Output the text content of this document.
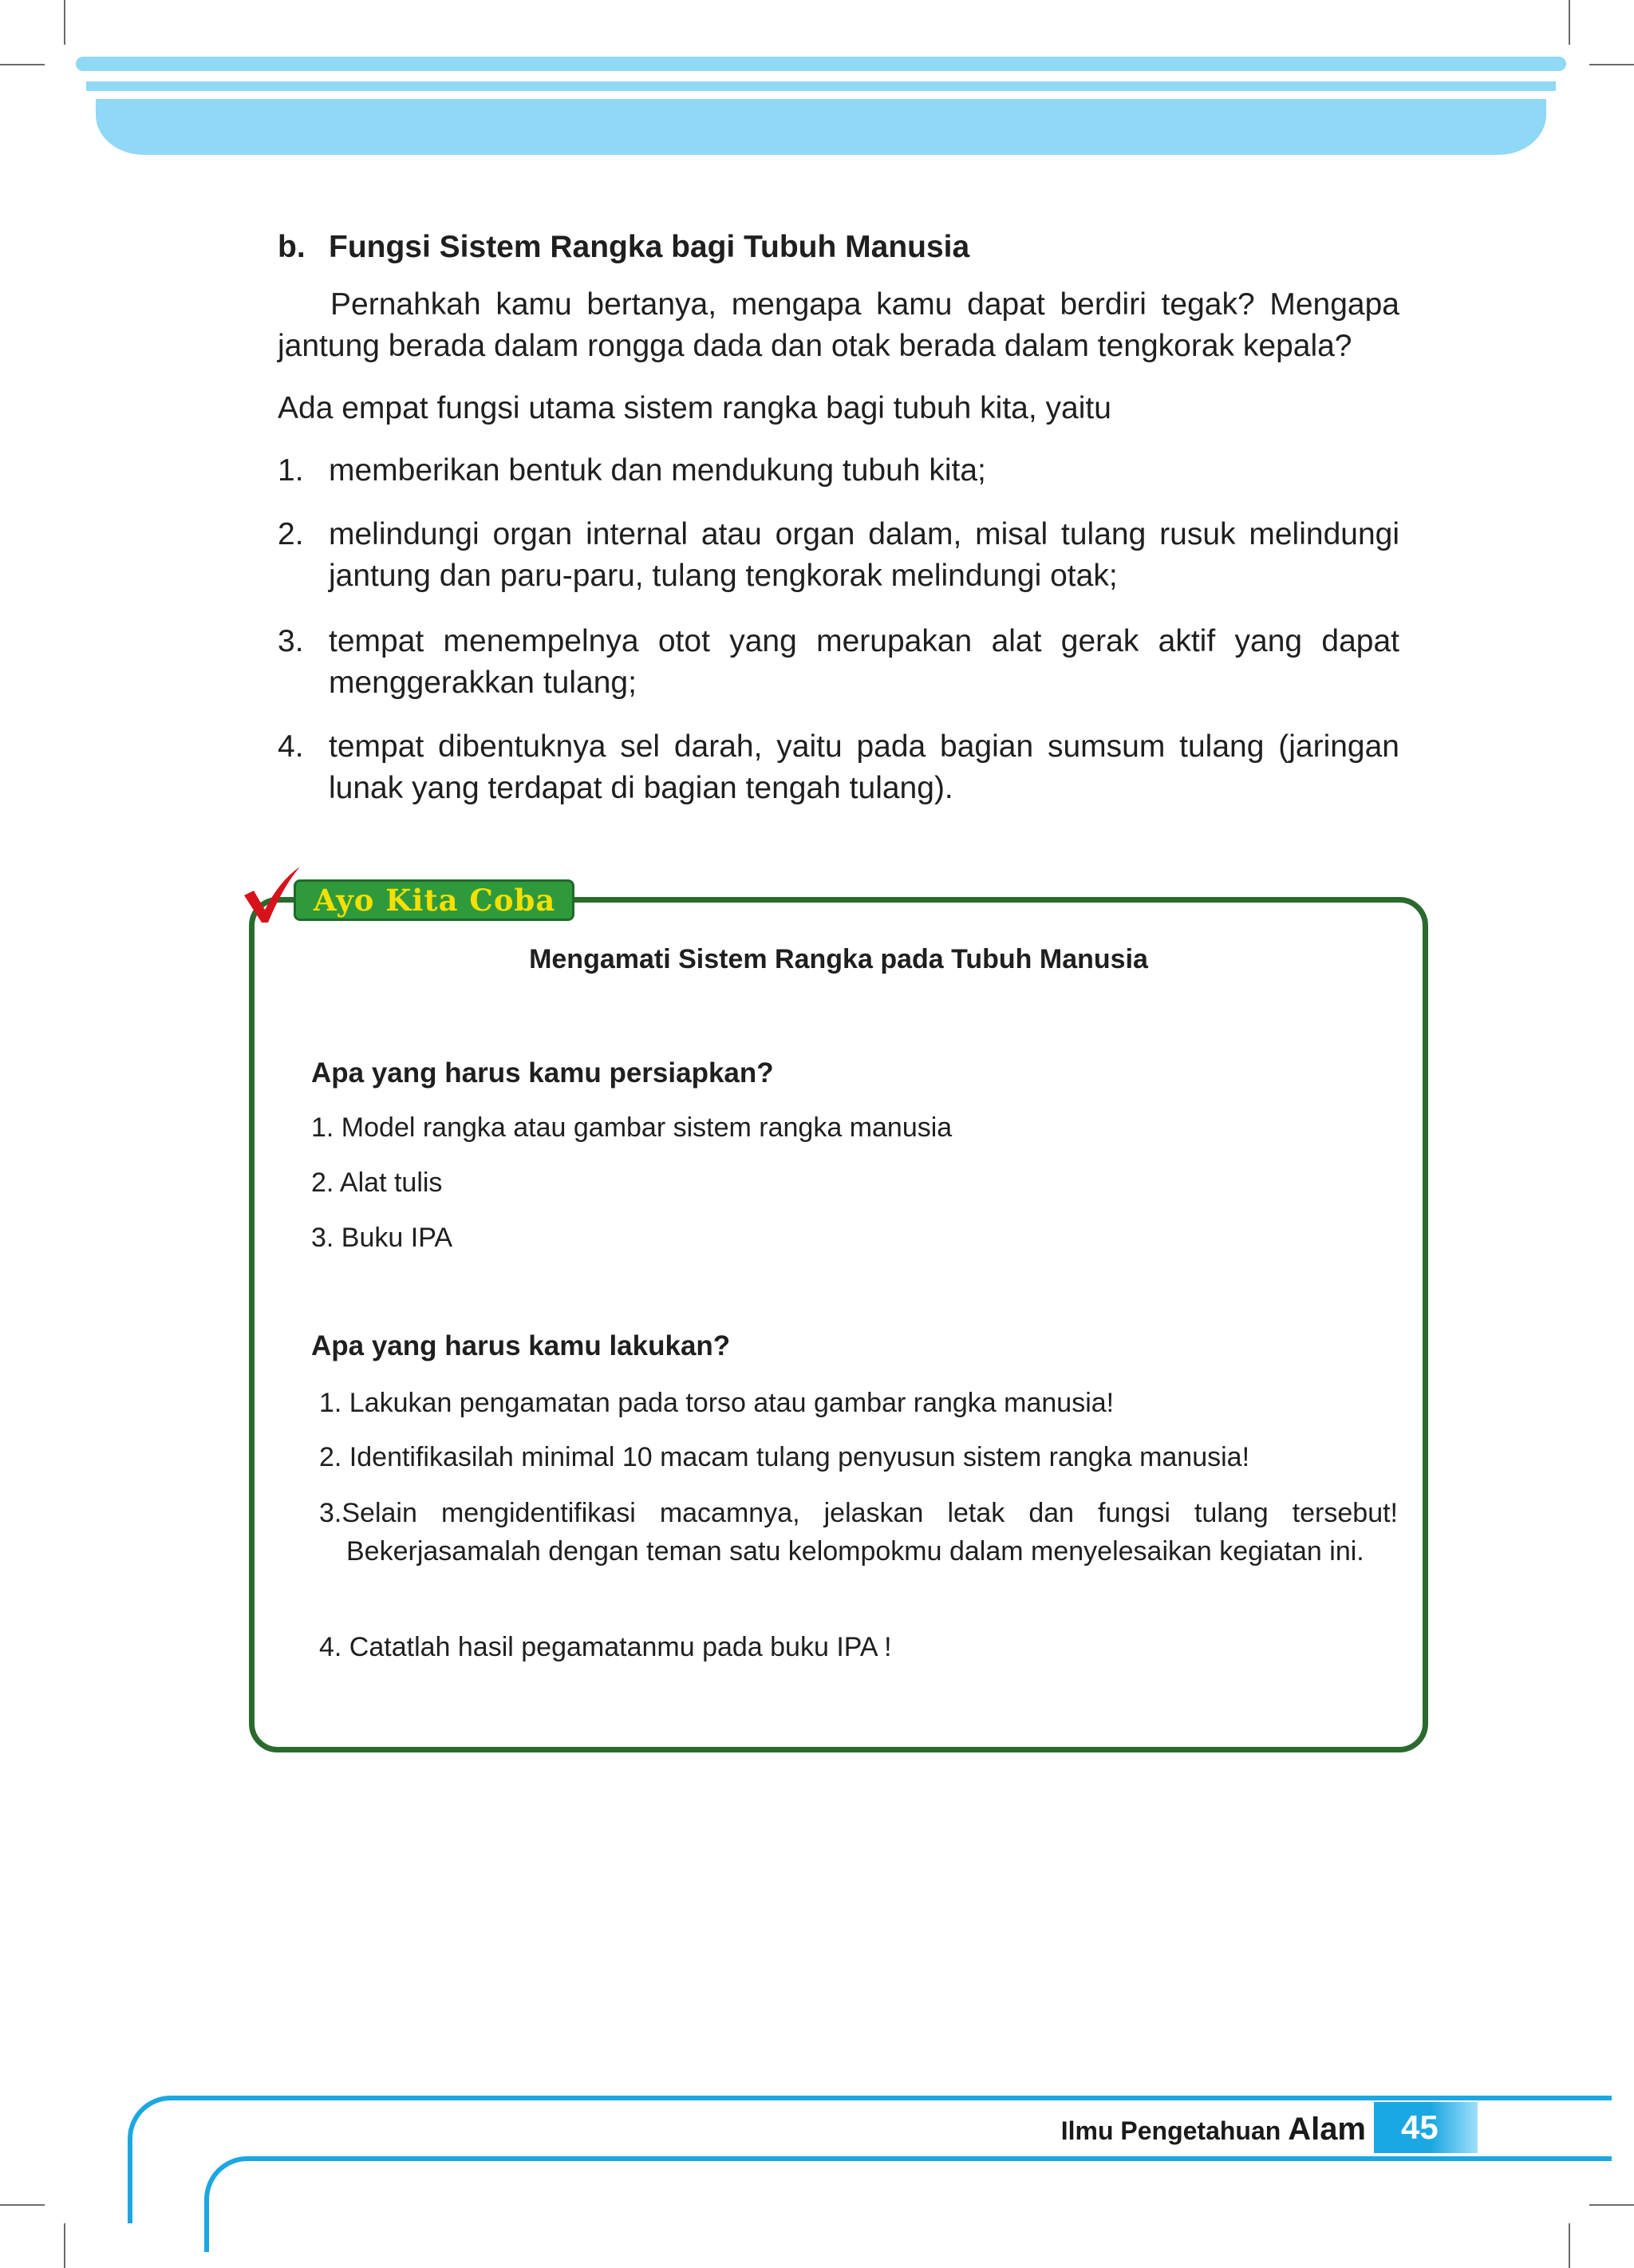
b. Fungsi Sistem Rangka bagi Tubuh Manusia
Pernahkah kamu bertanya, mengapa kamu dapat berdiri tegak? Mengapa jantung berada dalam rongga dada dan otak berada dalam tengkorak kepala?
Ada empat fungsi utama sistem rangka bagi tubuh kita, yaitu
1. memberikan bentuk dan mendukung tubuh kita;
2. melindungi organ internal atau organ dalam, misal tulang rusuk melindungi jantung dan paru-paru, tulang tengkorak melindungi otak;
3. tempat menempelnya otot yang merupakan alat gerak aktif yang dapat menggerakkan tulang;
4. tempat dibentuknya sel darah, yaitu pada bagian sumsum tulang (jaringan lunak yang terdapat di bagian tengah tulang).
Ayo Kita Coba
Mengamati Sistem Rangka pada Tubuh Manusia
Apa yang harus kamu persiapkan?
1. Model rangka atau gambar sistem rangka manusia
2. Alat tulis
3. Buku IPA
Apa yang harus kamu lakukan?
1. Lakukan pengamatan pada torso atau gambar rangka manusia!
2. Identifikasilah minimal 10 macam tulang penyusun sistem rangka manusia!
3.Selain mengidentifikasi macamnya, jelaskan letak dan fungsi tulang tersebut! Bekerjasamalah dengan teman satu kelompokmu dalam menyelesaikan kegiatan ini.
4. Catatlah hasil pegamatanmu pada buku IPA !
Ilmu Pengetahuan Alam	45
